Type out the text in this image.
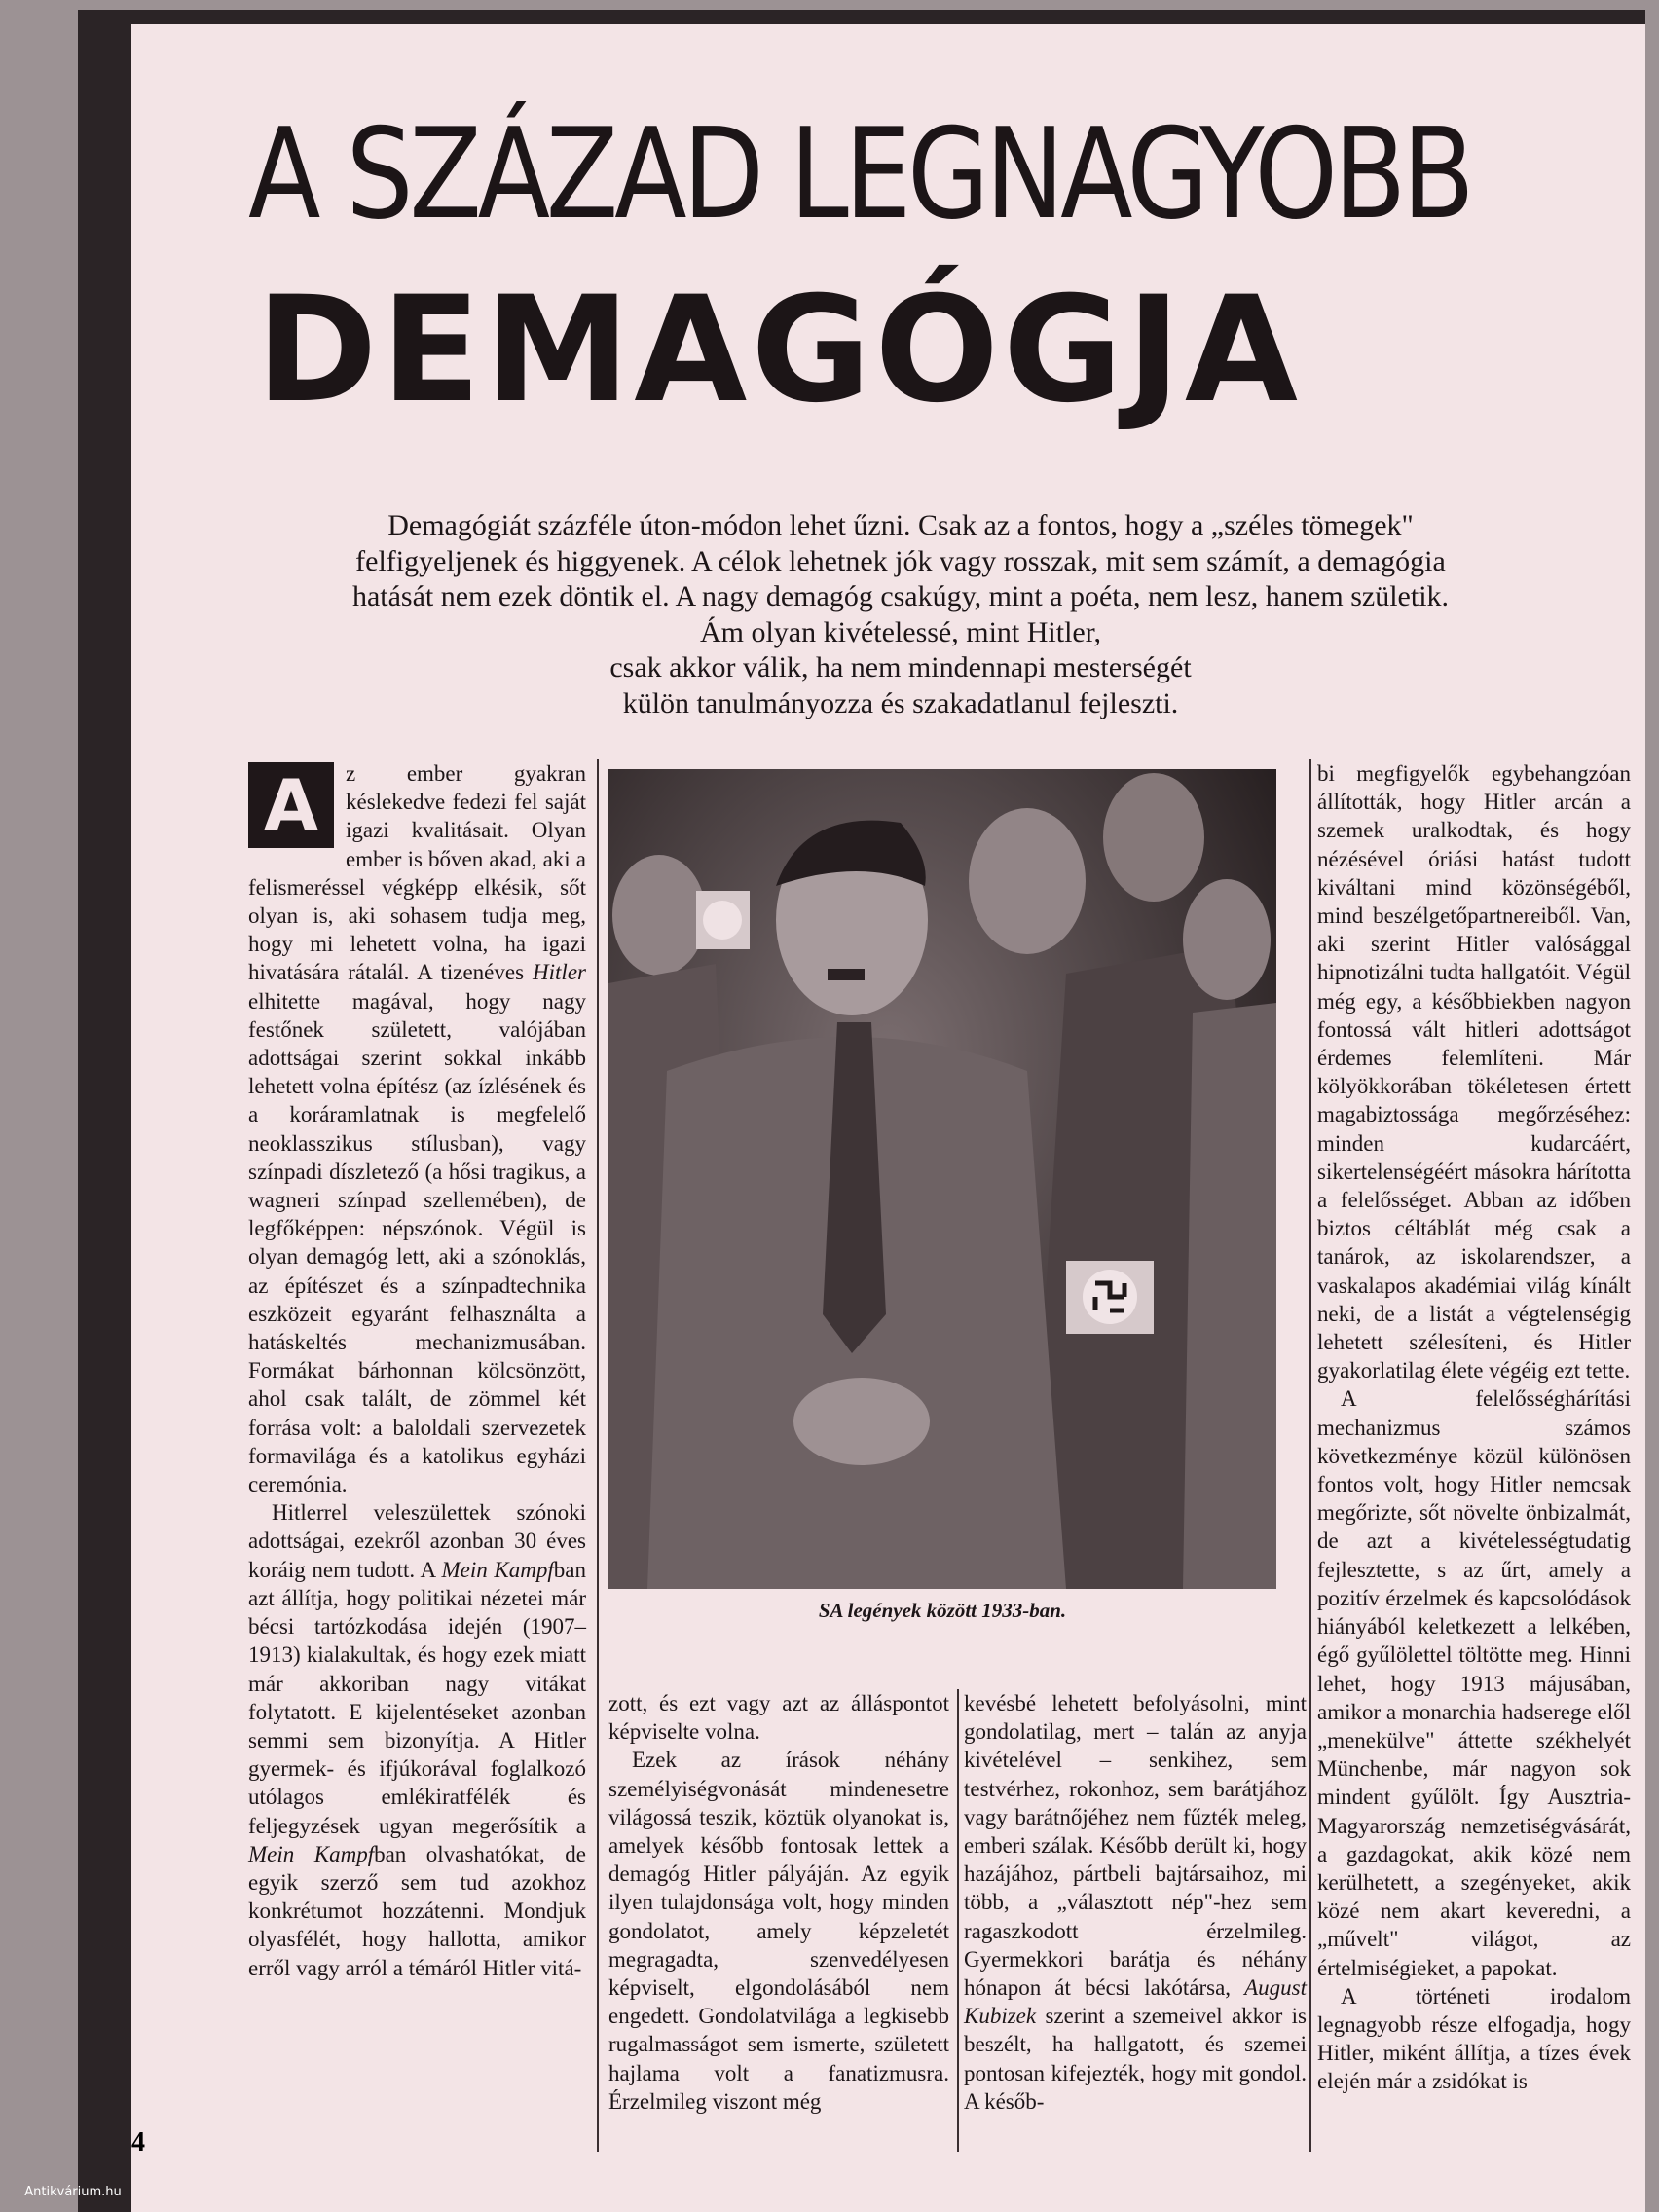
A SZÁZAD LEGNAGYOBB
DEMAGÓGJA

Demagógiát százféle úton-módon lehet űzni. Csak az a fontos, hogy a „széles tömegek"
felfigyeljenek és higgyenek. A célok lehetnek jók vagy rosszak, mit sem számít, a demagógia
hatását nem ezek döntik el. A nagy demagóg csakúgy, mint a poéta, nem lesz, hanem születik.
Ám olyan kivételessé, mint Hitler,
csak akkor válik, ha nem mindennapi mesterségét
külön tanulmányozza és szakadatlanul fejleszti.

A	z ember gyakran késlekedve fedezi fel saját igazi kvalitásait. Olyan ember is bőven akad, aki a felismeréssel végképp elkésik, sőt olyan is, aki sohasem tudja meg, hogy mi lehetett volna, ha igazi hivatására rátalál. A tizenéves Hitler elhitette magával, hogy nagy festőnek született, valójában adottságai szerint sokkal inkább lehetett volna építész (az ízlésének és a koráramlatnak is megfelelő neoklasszikus stílusban), vagy színpadi díszletező (a hősi tragikus, a wagneri színpad szellemében), de legfőképpen: népszónok. Végül is olyan demagóg lett, aki a szónoklás, az építészet és a színpadtechnika eszközeit egyaránt felhasználta a hatáskeltés mechanizmusában. Formákat bárhonnan kölcsönzött, ahol csak talált, de zömmel két forrása volt: a baloldali szervezetek formavilága és a katolikus egyházi ceremónia.

Hitlerrel veleszülettek szónoki adottságai, ezekről azonban 30 éves koráig nem tudott. A Mein Kampfban azt állítja, hogy politikai nézetei már bécsi tartózkodása idején (1907–1913) kialakultak, és hogy ezek miatt már akkoriban nagy vitákat folytatott. E kijelentéseket azonban semmi sem bizonyítja. A Hitler gyermek- és ifjúkorával foglalkozó utólagos emlékiratfélék és feljegyzések ugyan megerősítik a Mein Kampfban olvashatókat, de egyik szerző sem tud azokhoz konkrétumot hozzátenni. Mondjuk olyasfélét, hogy hallotta, amikor erről vagy arról a témáról Hitler vitá-

SA legények között 1933-ban.

zott, és ezt vagy azt az álláspontot képviselte volna.

Ezek az írások néhány személyiségvonását mindenesetre világossá teszik, köztük olyanokat is, amelyek később fontosak lettek a demagóg Hitler pályáján. Az egyik ilyen tulajdonsága volt, hogy minden gondolatot, amely képzeletét megragadta, szenvedélyesen képviselt, elgondolásából nem engedett. Gondolatvilága a legkisebb rugalmasságot sem ismerte, született hajlama volt a fanatizmusra. Érzelmileg viszont még

kevésbé lehetett befolyásolni, mint gondolatilag, mert – talán az anyja kivételével – senkihez, sem testvérhez, rokonhoz, sem barátjához vagy barátnőjéhez nem fűzték meleg, emberi szálak. Később derült ki, hogy hazájához, pártbeli bajtársaihoz, mi több, a „választott nép"-hez sem ragaszkodott érzelmileg. Gyermekkori barátja és néhány hónapon át bécsi lakótársa, August Kubizek szerint a szemeivel akkor is beszélt, ha hallgatott, és szemei pontosan kifejezték, hogy mit gondol. A későb-

bi megfigyelők egybehangzóan állították, hogy Hitler arcán a szemek uralkodtak, és hogy nézésével óriási hatást tudott kiváltani mind közönségéből, mind beszélgetőpartnereiből. Van, aki szerint Hitler valósággal hipnotizálni tudta hallgatóit. Végül még egy, a későbbiekben nagyon fontossá vált hitleri adottságot érdemes felemlíteni. Már kölyökkorában tökéletesen értett magabiztossága megőrzéséhez: minden kudarcáért, sikertelenségéért másokra hárította a felelősséget. Abban az időben biztos céltáblát még csak a tanárok, az iskolarendszer, a vaskalapos akadémiai világ kínált neki, de a listát a végtelenségig lehetett szélesíteni, és Hitler gyakorlatilag élete végéig ezt tette.

A felelősséghárítási mechanizmus számos következménye közül különösen fontos volt, hogy Hitler nemcsak megőrizte, sőt növelte önbizalmát, de azt a kivételességtudatig fejlesztette, s az űrt, amely a pozitív érzelmek és kapcsolódások hiányából keletkezett a lelkében, égő gyűlölettel töltötte meg. Hinni lehet, hogy 1913 májusában, amikor a monarchia hadserege elől „menekülve" áttette székhelyét Münchenbe, már nagyon sok mindent gyűlölt. Így Ausztria-Magyarország nemzetiségvásárát, a gazdagokat, akik közé nem kerülhetett, a szegényeket, akik közé nem akart keveredni, a „művelt" világot, az értelmiségieket, a papokat.

A történeti irodalom legnagyobb része elfogadja, hogy Hitler, miként állítja, a tízes évek elején már a zsidókat is

4
Antikvárium.hu
